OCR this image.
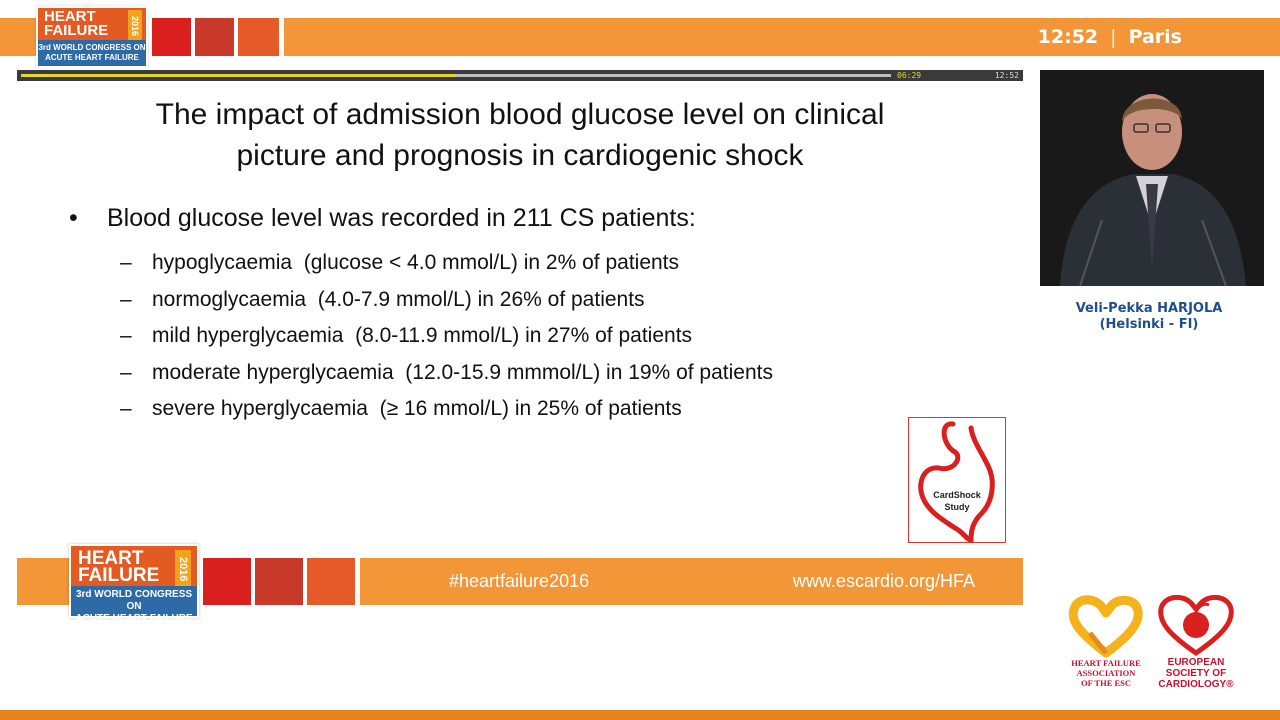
12:52 | Paris
HEART
FAILURE 2016
3rd WORLD CONGRESS ON
ACUTE HEART FAILURE
06:29	12:52
The impact of admission blood glucose level on clinical picture and prognosis in cardiogenic shock
•	Blood glucose level was recorded in 211 CS patients:
– hypoglycaemia  (glucose < 4.0 mmol/L) in 2% of patients
– normoglycaemia  (4.0-7.9 mmol/L) in 26% of patients
– mild hyperglycaemia  (8.0-11.9 mmol/L) in 27% of patients
– moderate hyperglycaemia  (12.0-15.9 mmmol/L) in 19% of patients
– severe hyperglycaemia  (≥ 16 mmol/L) in 25% of patients
CardShock
Study
#heartfailure2016	www.escardio.org/HFA
HEART
FAILURE 2016
3rd WORLD CONGRESS ON
ACUTE HEART FAILURE
Veli-Pekka HARJOLA
(Helsinki - FI)
HEART FAILURE
ASSOCIATION
OF THE ESC
EUROPEAN
SOCIETY OF
CARDIOLOGY®
